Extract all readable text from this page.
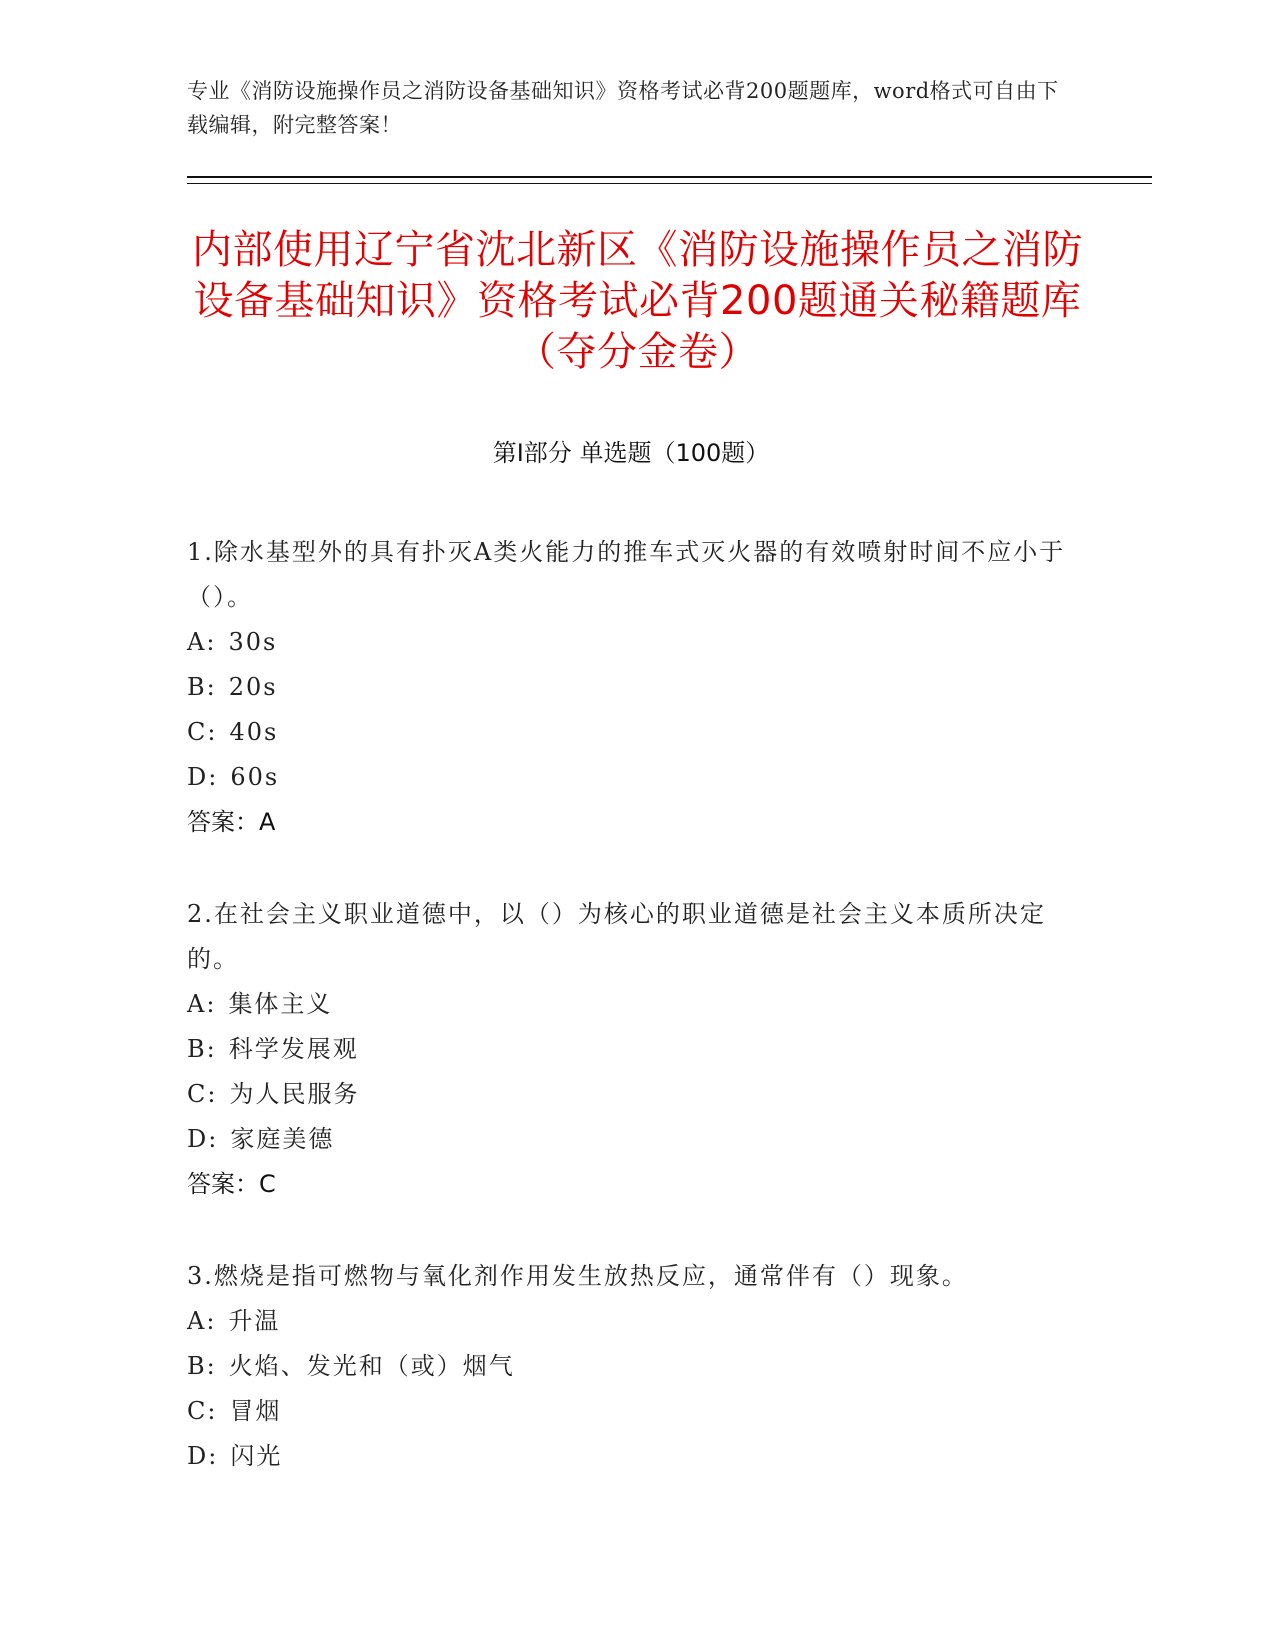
专业《消防设施操作员之消防设备基础知识》资格考试必背200题题库，word格式可自由下载编辑，附完整答案！
内部使用辽宁省沈北新区《消防设施操作员之消防设备基础知识》资格考试必背200题通关秘籍题库（夺分金卷）
第I部分 单选题（100题）
1.除水基型外的具有扑灭A类火能力的推车式灭火器的有效喷射时间不应小于（）。
A: 30s
B: 20s
C: 40s
D: 60s
答案：A
2.在社会主义职业道德中，以（）为核心的职业道德是社会主义本质所决定的。
A: 集体主义
B: 科学发展观
C: 为人民服务
D: 家庭美德
答案：C
3.燃烧是指可燃物与氧化剂作用发生放热反应，通常伴有（）现象。
A: 升温
B: 火焰、发光和（或）烟气
C: 冒烟
D: 闪光
